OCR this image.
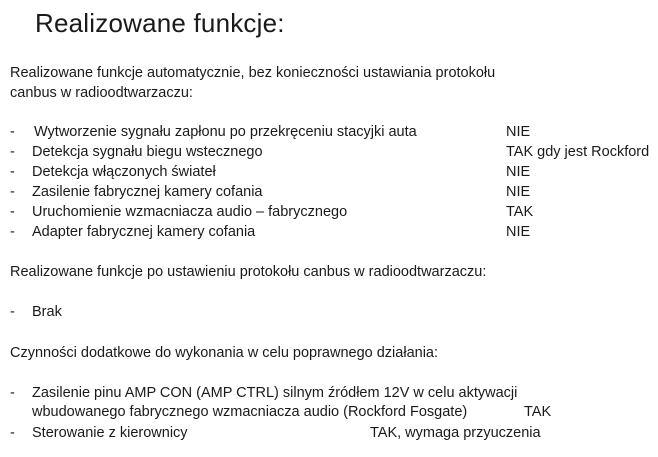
Realizowane funkcje:
Realizowane funkcje automatycznie, bez konieczności ustawiania protokołu
canbus w radioodtwarzaczu:
- Wytworzenie sygnału zapłonu po przekręceniu stacyjki auta	NIE
- Detekcja sygnału biegu wstecznego	TAK gdy jest Rockford
- Detekcja włączonych świateł	NIE
- Zasilenie fabrycznej kamery cofania	NIE
- Uruchomienie wzmacniacza audio – fabrycznego	TAK
- Adapter fabrycznej kamery cofania	NIE
Realizowane funkcje po ustawieniu protokołu canbus w radioodtwarzaczu:
- Brak
Czynności dodatkowe do wykonania w celu poprawnego działania:
- Zasilenie pinu AMP CON (AMP CTRL) silnym źródłem 12V w celu aktywacji
wbudowanego fabrycznego wzmacniacza audio (Rockford Fosgate)	TAK
- Sterowanie z kierownicy	TAK, wymaga przyuczenia
